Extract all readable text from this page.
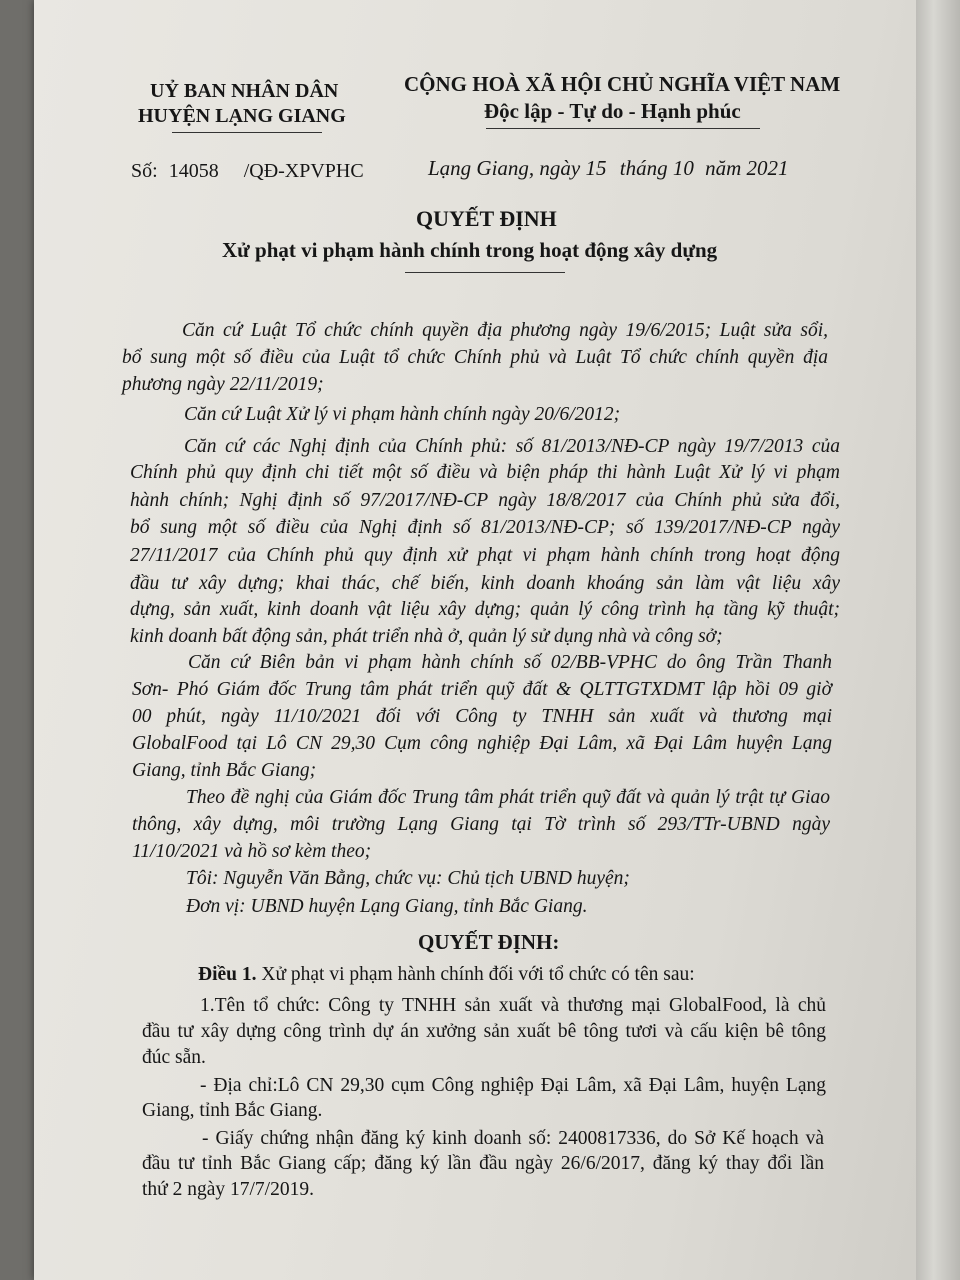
UỶ BAN NHÂN DÂN
HUYỆN LẠNG GIANG
CỘNG HOÀ XÃ HỘI CHỦ NGHĨA VIỆT NAM
Độc lập - Tự do - Hạnh phúc
Số: 14058 /QĐ-XPVPHC	Lạng Giang, ngày 15 tháng 10 năm 2021
QUYẾT ĐỊNH
Xử phạt vi phạm hành chính trong hoạt động xây dựng
Căn cứ Luật Tổ chức chính quyền địa phương ngày 19/6/2015; Luật sửa sổi,
bổ sung một số điều của Luật tổ chức Chính phủ và Luật Tổ chức chính quyền địa
phương ngày 22/11/2019;
Căn cứ Luật Xử lý vi phạm hành chính ngày 20/6/2012;
Căn cứ các Nghị định của Chính phủ: số 81/2013/NĐ-CP ngày 19/7/2013 của
Chính phủ quy định chi tiết một số điều và biện pháp thi hành Luật Xử lý vi phạm
hành chính; Nghị định số 97/2017/NĐ-CP ngày 18/8/2017 của Chính phủ sửa đổi,
bổ sung một số điều của Nghị định số 81/2013/NĐ-CP; số 139/2017/NĐ-CP ngày
27/11/2017 của Chính phủ quy định xử phạt vi phạm hành chính trong hoạt động
đầu tư xây dựng; khai thác, chế biến, kinh doanh khoáng sản làm vật liệu xây
dựng, sản xuất, kinh doanh vật liệu xây dựng; quản lý công trình hạ tầng kỹ thuật;
kinh doanh bất động sản, phát triển nhà ở, quản lý sử dụng nhà và công sở;
Căn cứ Biên bản vi phạm hành chính số 02/BB-VPHC do ông Trần Thanh
Sơn- Phó Giám đốc Trung tâm phát triển quỹ đất & QLTTGTXDMT lập hồi 09 giờ
00 phút, ngày 11/10/2021 đối với Công ty TNHH sản xuất và thương mại
GlobalFood tại Lô CN 29,30 Cụm công nghiệp Đại Lâm, xã Đại Lâm huyện Lạng
Giang, tỉnh Bắc Giang;
Theo đề nghị của Giám đốc Trung tâm phát triển quỹ đất và quản lý trật tự Giao
thông, xây dựng, môi trường Lạng Giang tại Tờ trình số 293/TTr-UBND ngày
11/10/2021 và hồ sơ kèm theo;
Tôi: Nguyễn Văn Bằng, chức vụ: Chủ tịch UBND huyện;
Đơn vị: UBND huyện Lạng Giang, tỉnh Bắc Giang.
QUYẾT ĐỊNH:
Điều 1. Xử phạt vi phạm hành chính đối với tổ chức có tên sau:
1.Tên tổ chức: Công ty TNHH sản xuất và thương mại GlobalFood, là chủ
đầu tư xây dựng công trình dự án xưởng sản xuất bê tông tươi và cấu kiện bê tông
đúc sẵn.
- Địa chỉ:Lô CN 29,30 cụm Công nghiệp Đại Lâm, xã Đại Lâm, huyện Lạng
Giang, tỉnh Bắc Giang.
- Giấy chứng nhận đăng ký kinh doanh số: 2400817336, do Sở Kế hoạch và
đầu tư tỉnh Bắc Giang cấp; đăng ký lần đầu ngày 26/6/2017, đăng ký thay đổi lần
thứ 2 ngày 17/7/2019.
